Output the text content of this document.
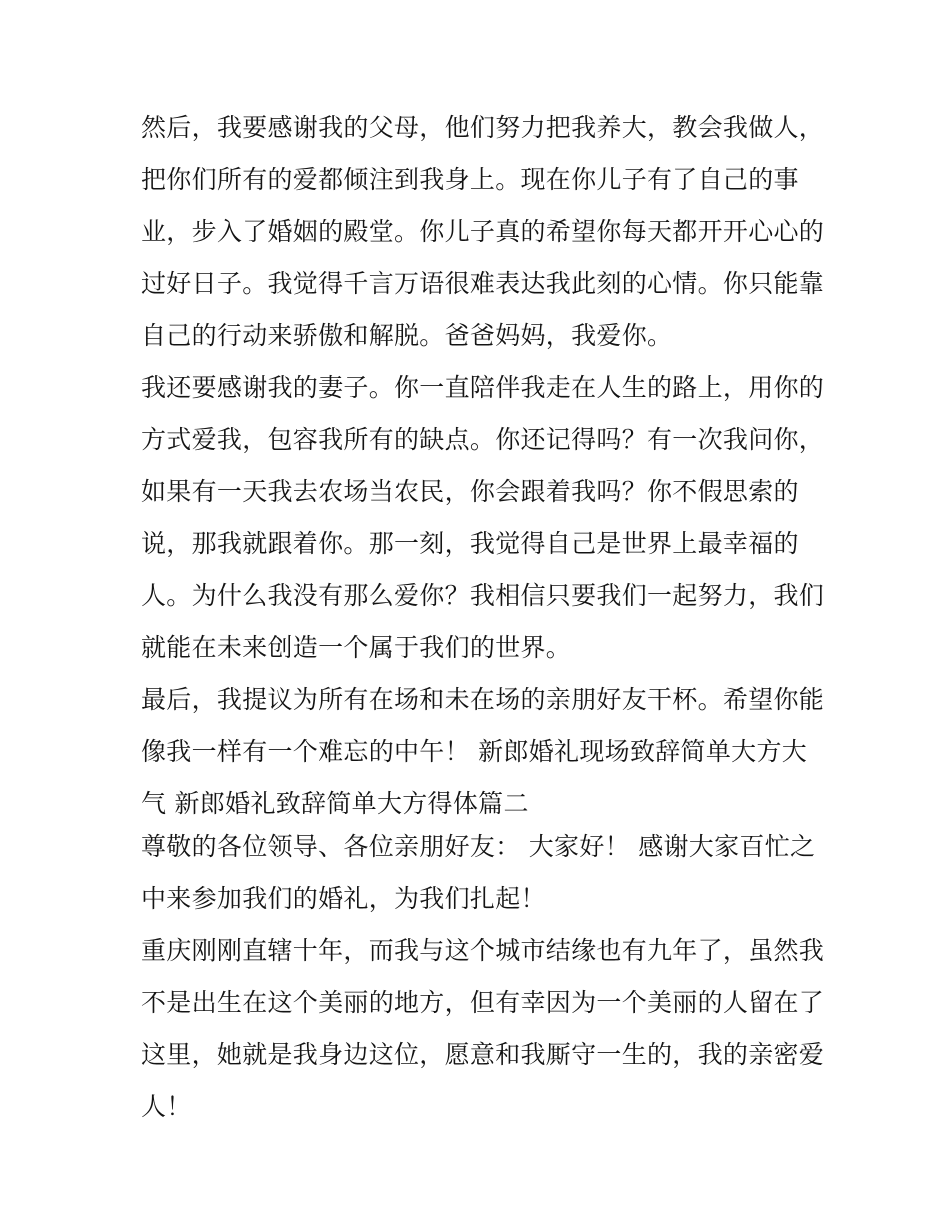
然后，我要感谢我的父母，他们努力把我养大，教会我做人，
把你们所有的爱都倾注到我身上。现在你儿子有了自己的事
业，步入了婚姻的殿堂。你儿子真的希望你每天都开开心心的
过好日子。我觉得千言万语很难表达我此刻的心情。你只能靠
自己的行动来骄傲和解脱。爸爸妈妈，我爱你。
我还要感谢我的妻子。你一直陪伴我走在人生的路上，用你的
方式爱我，包容我所有的缺点。你还记得吗？有一次我问你，
如果有一天我去农场当农民，你会跟着我吗？你不假思索的
说，那我就跟着你。那一刻，我觉得自己是世界上最幸福的
人。为什么我没有那么爱你？我相信只要我们一起努力，我们
就能在未来创造一个属于我们的世界。
最后，我提议为所有在场和未在场的亲朋好友干杯。希望你能
像我一样有一个难忘的中午！ 新郎婚礼现场致辞简单大方大
气 新郎婚礼致辞简单大方得体篇二
尊敬的各位领导、各位亲朋好友： 大家好！ 感谢大家百忙之
中来参加我们的婚礼，为我们扎起！
重庆刚刚直辖十年，而我与这个城市结缘也有九年了，虽然我
不是出生在这个美丽的地方，但有幸因为一个美丽的人留在了
这里，她就是我身边这位，愿意和我厮守一生的，我的亲密爱
人！
